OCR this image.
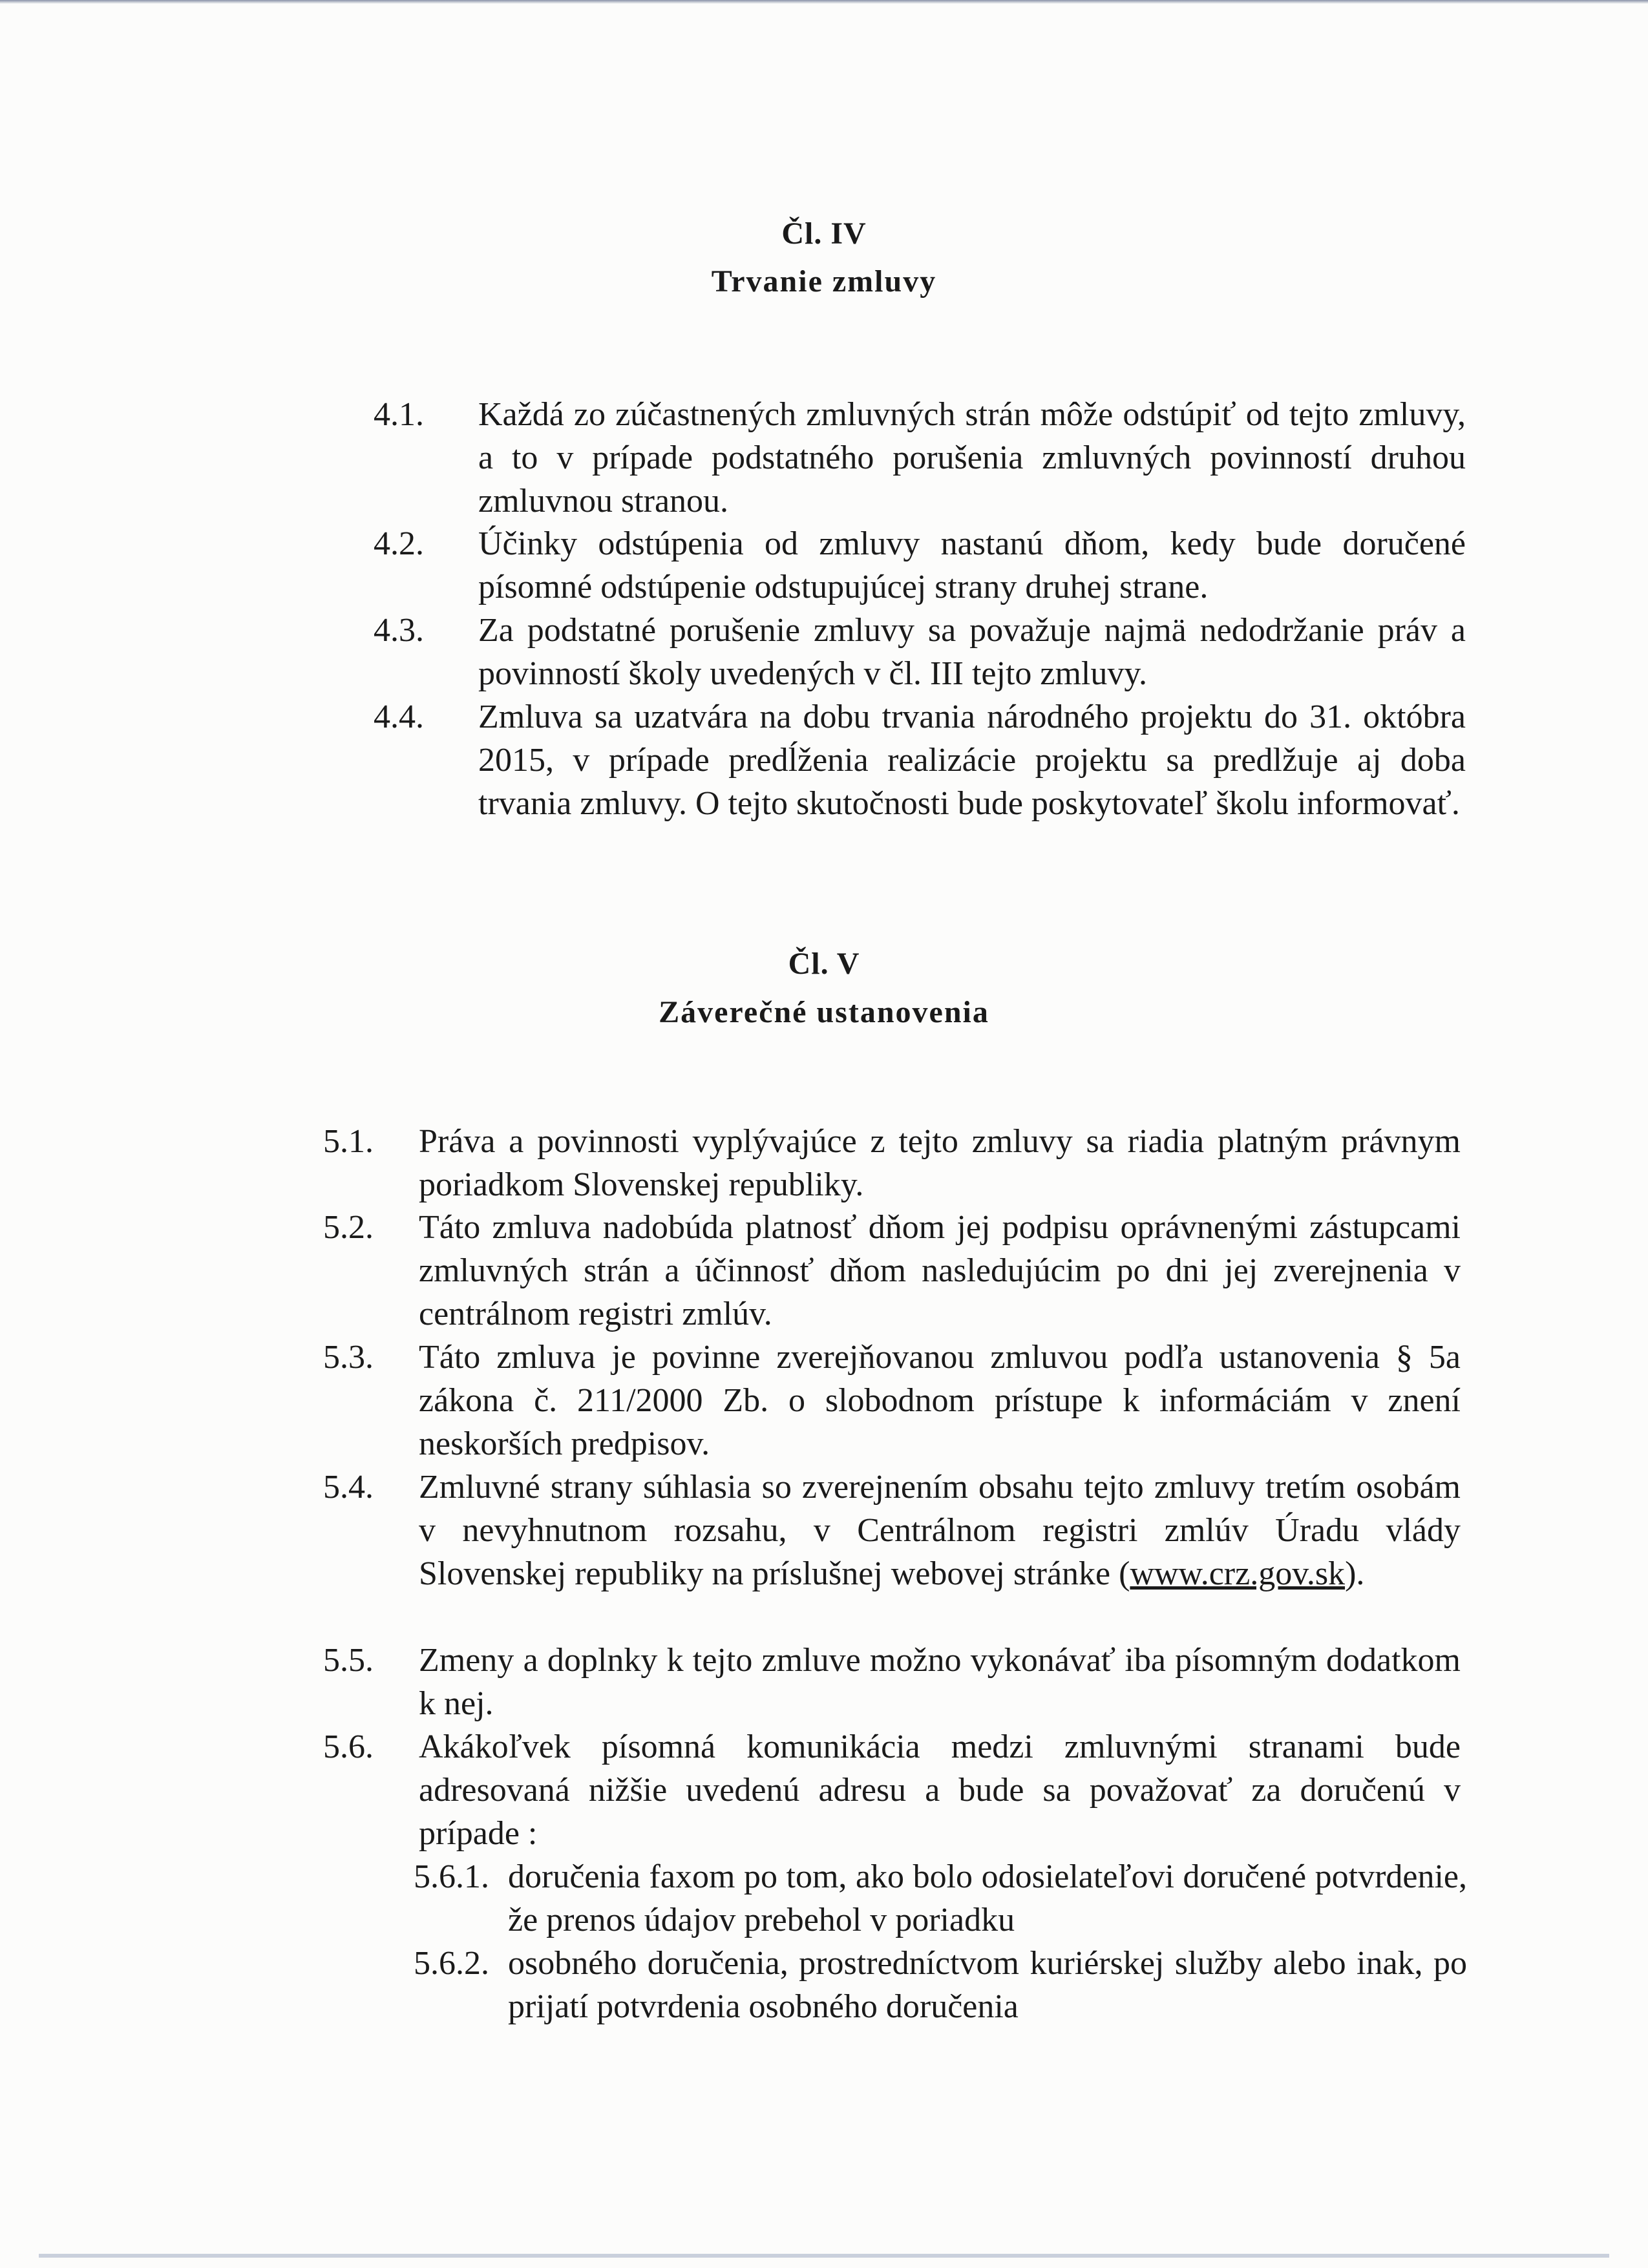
Čl. IV
Trvanie zmluvy
4.1. Každá zo zúčastnených zmluvných strán môže odstúpiť od tejto zmluvy, a to v prípade podstatného porušenia zmluvných povinností druhou zmluvnou stranou.
4.2. Účinky odstúpenia od zmluvy nastanú dňom, kedy bude doručené písomné odstúpenie odstupujúcej strany druhej strane.
4.3. Za podstatné porušenie zmluvy sa považuje najmä nedodržanie práv a povinností školy uvedených v čl. III tejto zmluvy.
4.4. Zmluva sa uzatvára na dobu trvania národného projektu do 31. októbra 2015, v prípade predĺženia realizácie projektu sa predlžuje aj doba trvania zmluvy. O tejto skutočnosti bude poskytovateľ školu informovať.
Čl. V
Záverečné ustanovenia
5.1. Práva a povinnosti vyplývajúce z tejto zmluvy sa riadia platným právnym poriadkom Slovenskej republiky.
5.2. Táto zmluva nadobúda platnosť dňom jej podpisu oprávnenými zástupcami zmluvných strán a účinnosť dňom nasledujúcim po dni jej zverejnenia v centrálnom registri zmlúv.
5.3. Táto zmluva je povinne zverejňovanou zmluvou podľa ustanovenia § 5a zákona č. 211/2000 Zb. o slobodnom prístupe k informáciám v znení neskorších predpisov.
5.4. Zmluvné strany súhlasia so zverejnením obsahu tejto zmluvy tretím osobám v nevyhnutnom rozsahu, v Centrálnom registri zmlúv Úradu vlády Slovenskej republiky na príslušnej webovej stránke (www.crz.gov.sk).
5.5. Zmeny a doplnky k tejto zmluve možno vykonávať iba písomným dodatkom k nej.
5.6. Akákoľvek písomná komunikácia medzi zmluvnými stranami bude adresovaná nižšie uvedenú adresu a bude sa považovať za doručenú v prípade :
5.6.1. doručenia faxom po tom, ako bolo odosielateľovi doručené potvrdenie, že prenos údajov prebehol v poriadku
5.6.2. osobného doručenia, prostredníctvom kuriérskej služby alebo inak, po prijatí potvrdenia osobného doručenia
